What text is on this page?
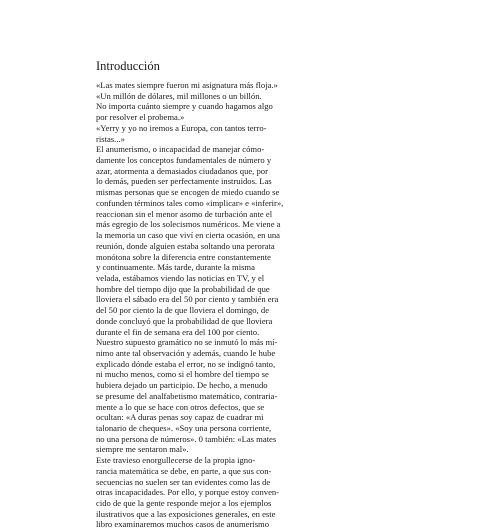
Introducción
«Las mates siempre fueron mi asignatura más floja.»
«Un millón de dólares, mil millones o un billón.
No importa cuánto siempre y cuando hagamos algo
por resolver el probema.»
«Yerry y yo no iremos a Europa, con tantos terro-
ristas...»
El anumerismo, o incapacidad de manejar cómo-
damente los conceptos fundamentales de número y
azar, atormenta a demasiados ciudadanos que, por
lo demás, pueden ser perfectamente instruidos. Las
mismas personas que se encogen de miedo cuando se
confunden términos tales como «implicar» e «inferir»,
reaccionan sin el menor asomo de turbación ante el
más egregio de los solecismos numéricos. Me viene a
la memoria un caso que viví en cierta ocasión, en una
reunión, donde alguien estaba soltando una perorata
monótona sobre la diferencia entre constantemente
y continuamente. Más tarde, durante la misma
velada, estábamos viendo las noticias en TV, y el
hombre del tiempo dijo que la probabilidad de que
lloviera el sábado era del 50 por ciento y también era
del 50 por ciento la de que lloviera el domingo, de
donde concluyó que la probabilidad de que lloviera
durante el fin de semana era del 100 por ciento.
Nuestro supuesto gramático no se inmutó lo más mí-
nimo ante tal observación y además, cuando le hube
explicado dónde estaba el error, no se indignó tanto,
ni mucho menos, como si el hombre del tiempo se
hubiera dejado un participio. De hecho, a menudo
se presume del analfabetismo matemático, contraria-
mente a lo que se hace con otros defectos, que se
ocultan: «A duras penas soy capaz de cuadrar mi
talonario de cheques». «Soy una persona corriente,
no una persona de números». 0 también: «Las mates
siempre me sentaron mal».
Este travieso enorgullecerse de la propia igno-
rancia matemática se debe, en parte, a que sus con-
secuencias no suelen ser tan evidentes como las de
otras incapacidades. Por ello, y porque estoy conven-
cido de que la gente responde mejor a los ejemplos
ilustrativos que a las exposiciones generales, en este
libro examinaremos muchos casos de anumerismo
